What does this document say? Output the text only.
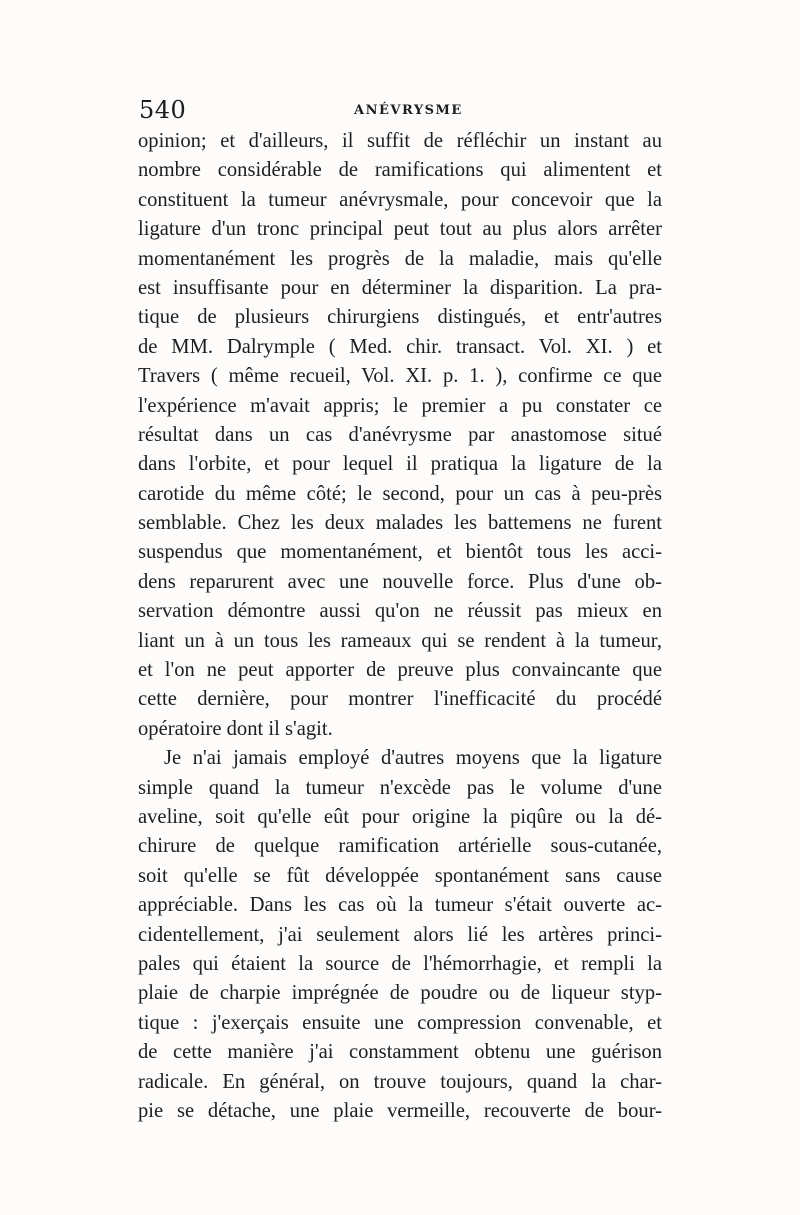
540	ANÉVRYSME
opinion; et d'ailleurs, il suffit de réfléchir un instant au
nombre considérable de ramifications qui alimentent et
constituent la tumeur anévrysmale, pour concevoir que la
ligature d'un tronc principal peut tout au plus alors arrêter
momentanément les progrès de la maladie, mais qu'elle
est insuffisante pour en déterminer la disparition. La pra-
tique de plusieurs chirurgiens distingués, et entr'autres
de MM. Dalrymple ( Med. chir. transact. Vol. XI. ) et
Travers ( même recueil, Vol. XI. p. 1. ), confirme ce que
l'expérience m'avait appris; le premier a pu constater ce
résultat dans un cas d'anévrysme par anastomose situé
dans l'orbite, et pour lequel il pratiqua la ligature de la
carotide du même côté; le second, pour un cas à peu-près
semblable. Chez les deux malades les battemens ne furent
suspendus que momentanément, et bientôt tous les acci-
dens reparurent avec une nouvelle force. Plus d'une ob-
servation démontre aussi qu'on ne réussit pas mieux en
liant un à un tous les rameaux qui se rendent à la tumeur,
et l'on ne peut apporter de preuve plus convaincante que
cette dernière, pour montrer l'inefficacité du procédé
opératoire dont il s'agit.
Je n'ai jamais employé d'autres moyens que la ligature
simple quand la tumeur n'excède pas le volume d'une
aveline, soit qu'elle eût pour origine la piqûre ou la dé-
chirure de quelque ramification artérielle sous-cutanée,
soit qu'elle se fût développée spontanément sans cause
appréciable. Dans les cas où la tumeur s'était ouverte ac-
cidentellement, j'ai seulement alors lié les artères princi-
pales qui étaient la source de l'hémorrhagie, et rempli la
plaie de charpie imprégnée de poudre ou de liqueur styp-
tique : j'exerçais ensuite une compression convenable, et
de cette manière j'ai constamment obtenu une guérison
radicale. En général, on trouve toujours, quand la char-
pie se détache, une plaie vermeille, recouverte de bour-
